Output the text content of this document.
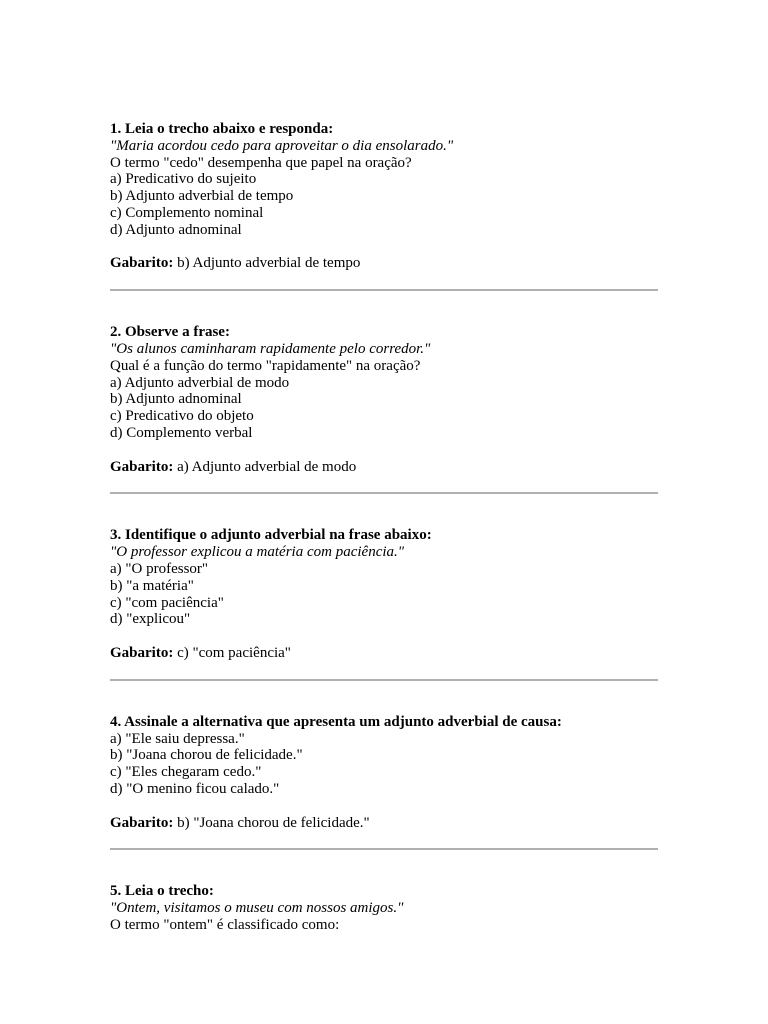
1. Leia o trecho abaixo e responda:
"Maria acordou cedo para aproveitar o dia ensolarado."
O termo "cedo" desempenha que papel na oração?
a) Predicativo do sujeito
b) Adjunto adverbial de tempo
c) Complemento nominal
d) Adjunto adnominal
Gabarito: b) Adjunto adverbial de tempo
2. Observe a frase:
"Os alunos caminharam rapidamente pelo corredor."
Qual é a função do termo "rapidamente" na oração?
a) Adjunto adverbial de modo
b) Adjunto adnominal
c) Predicativo do objeto
d) Complemento verbal
Gabarito: a) Adjunto adverbial de modo
3. Identifique o adjunto adverbial na frase abaixo:
"O professor explicou a matéria com paciência."
a) "O professor"
b) "a matéria"
c) "com paciência"
d) "explicou"
Gabarito: c) "com paciência"
4. Assinale a alternativa que apresenta um adjunto adverbial de causa:
a) "Ele saiu depressa."
b) "Joana chorou de felicidade."
c) "Eles chegaram cedo."
d) "O menino ficou calado."
Gabarito: b) "Joana chorou de felicidade."
5. Leia o trecho:
"Ontem, visitamos o museu com nossos amigos."
O termo "ontem" é classificado como:
